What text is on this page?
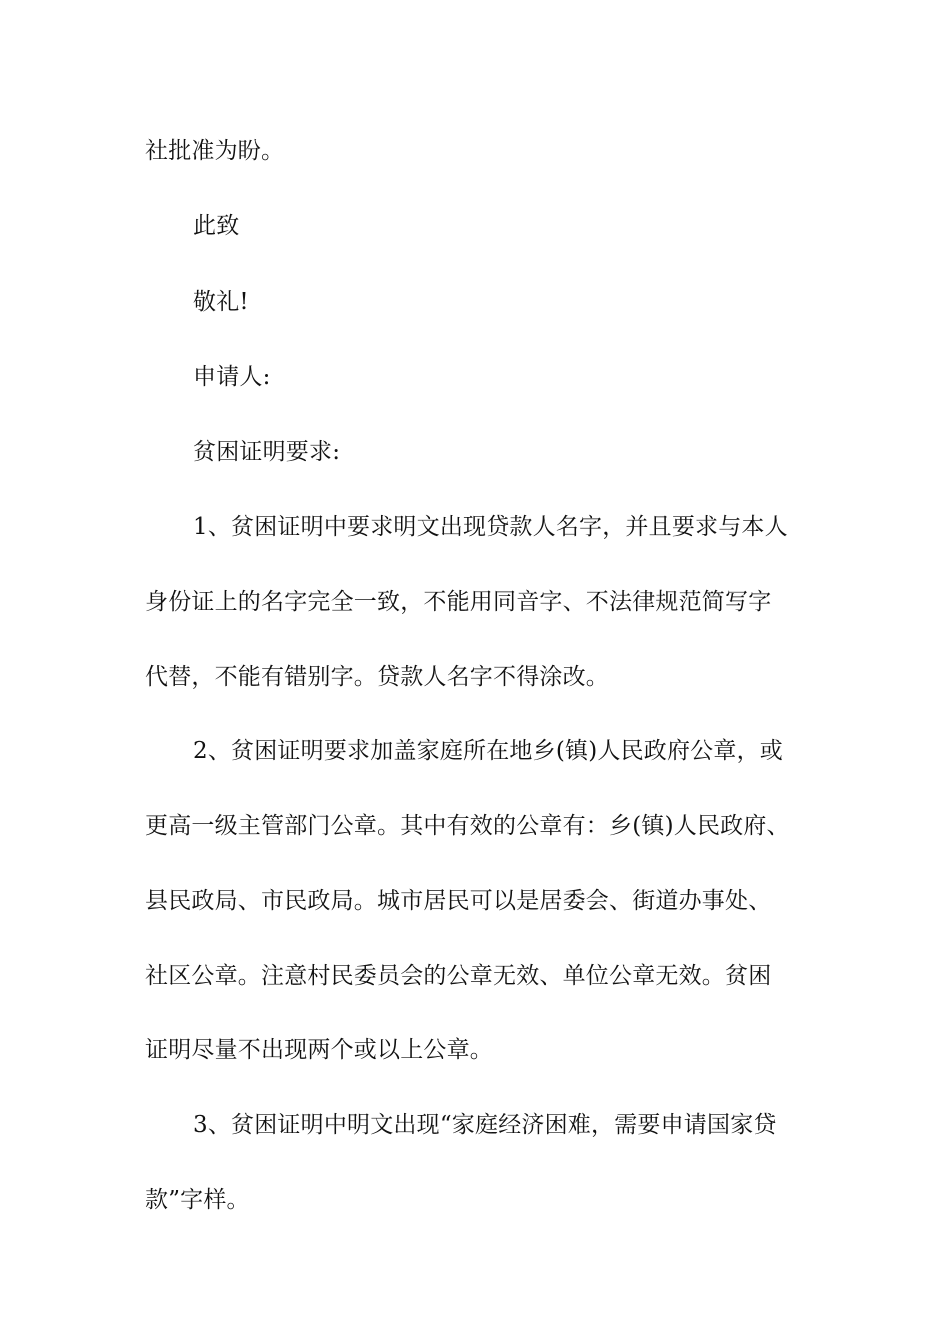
社批准为盼。
此致
敬礼!
申请人:
贫困证明要求:
1、贫困证明中要求明文出现贷款人名字，并且要求与本人
身份证上的名字完全一致，不能用同音字、不法律规范简写字
代替，不能有错别字。贷款人名字不得涂改。
2、贫困证明要求加盖家庭所在地乡(镇)人民政府公章，或
更高一级主管部门公章。其中有效的公章有：乡(镇)人民政府、
县民政局、市民政局。城市居民可以是居委会、街道办事处、
社区公章。注意村民委员会的公章无效、单位公章无效。贫困
证明尽量不出现两个或以上公章。
3、贫困证明中明文出现“家庭经济困难，需要申请国家贷
款”字样。
